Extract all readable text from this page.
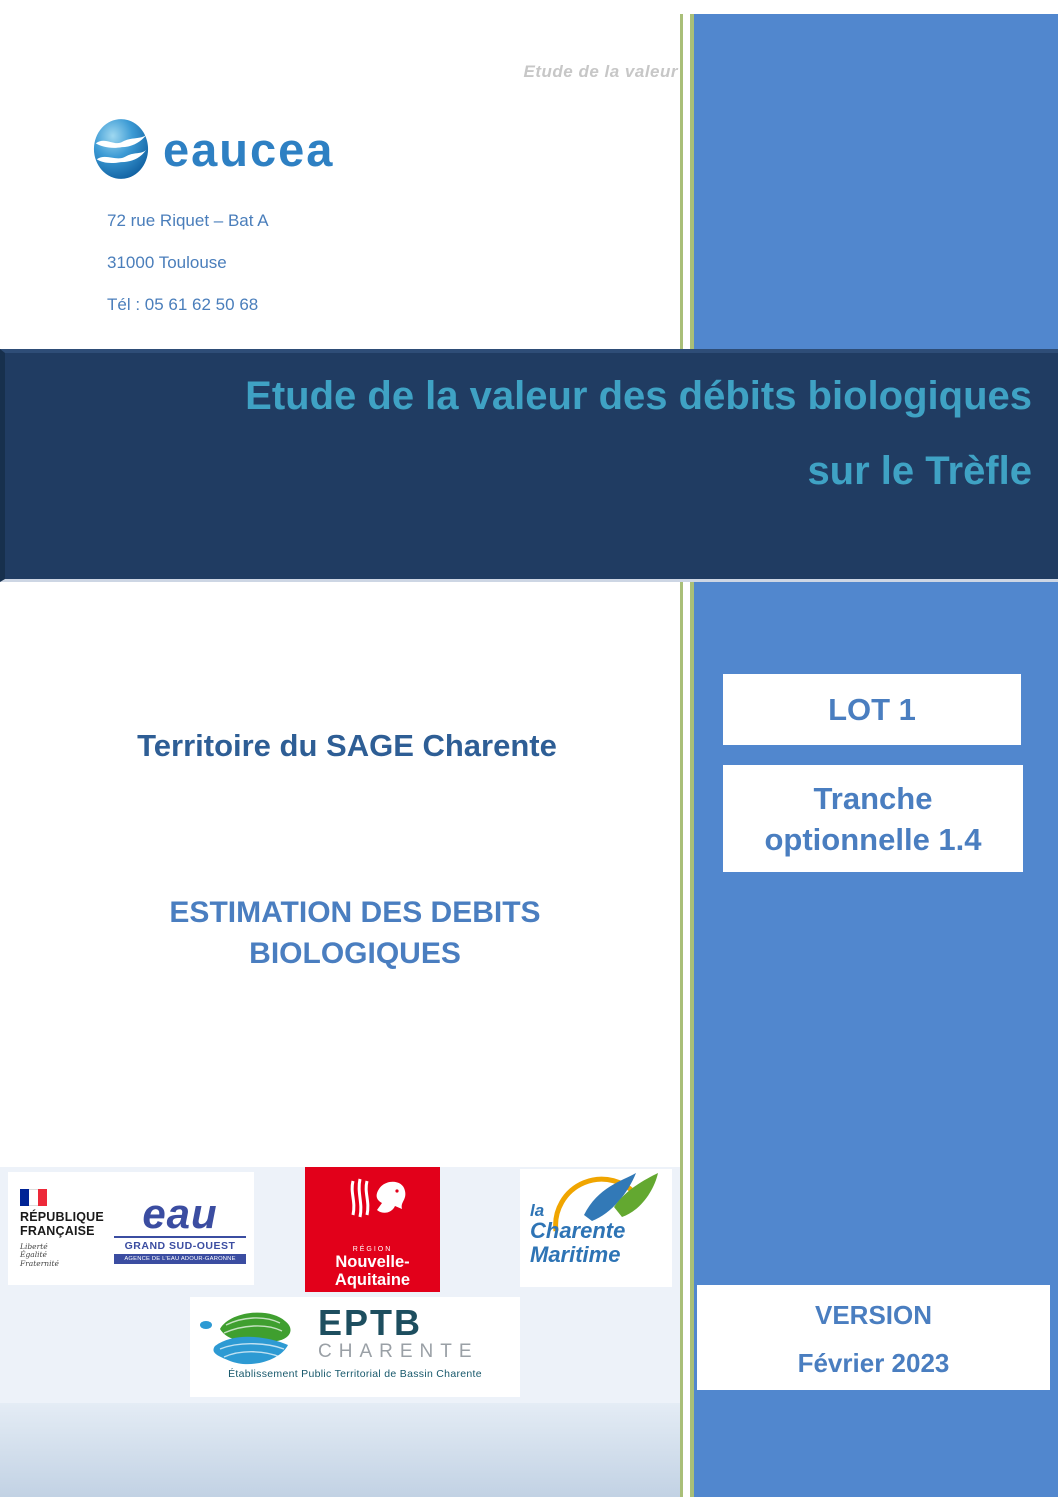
Etude de la valeur
eaucea
72 rue Riquet – Bat A
31000 Toulouse
Tél : 05 61 62 50 68
Etude de la valeur des débits biologiques
sur le Trèfle
Territoire du SAGE Charente
ESTIMATION DES DEBITS
BIOLOGIQUES
LOT 1
Tranche
optionnelle 1.4
VERSION
Février 2023
RÉPUBLIQUE
FRANÇAISE
Liberté
Égalité
Fraternité
eau
GRAND SUD-OUEST
AGENCE DE L'EAU ADOUR-GARONNE
RÉGION
Nouvelle-
Aquitaine
la
Charente
Maritime
EPTB
CHARENTE
Établissement Public Territorial de Bassin Charente
